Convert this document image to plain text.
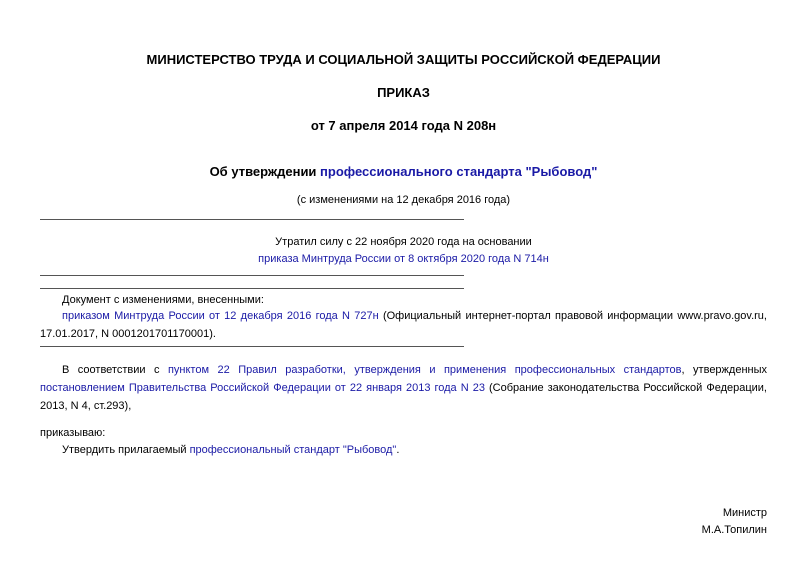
МИНИСТЕРСТВО ТРУДА И СОЦИАЛЬНОЙ ЗАЩИТЫ РОССИЙСКОЙ ФЕДЕРАЦИИ
ПРИКАЗ
от 7 апреля 2014 года N 208н
Об утверждении профессионального стандарта "Рыбовод"
(с изменениями на 12 декабря 2016 года)
Утратил силу с 22 ноября 2020 года на основании
приказа Минтруда России от 8 октября 2020 года N 714н
Документ с изменениями, внесенными:
приказом Минтруда России от 12 декабря 2016 года N 727н (Официальный интернет-портал правовой информации www.pravo.gov.ru, 17.01.2017, N 0001201701170001).
В соответствии с пунктом 22 Правил разработки, утверждения и применения профессиональных стандартов, утвержденных постановлением Правительства Российской Федерации от 22 января 2013 года N 23 (Собрание законодательства Российской Федерации, 2013, N 4, ст.293),
приказываю:
Утвердить прилагаемый профессиональный стандарт "Рыбовод".
Министр
М.А.Топилин
